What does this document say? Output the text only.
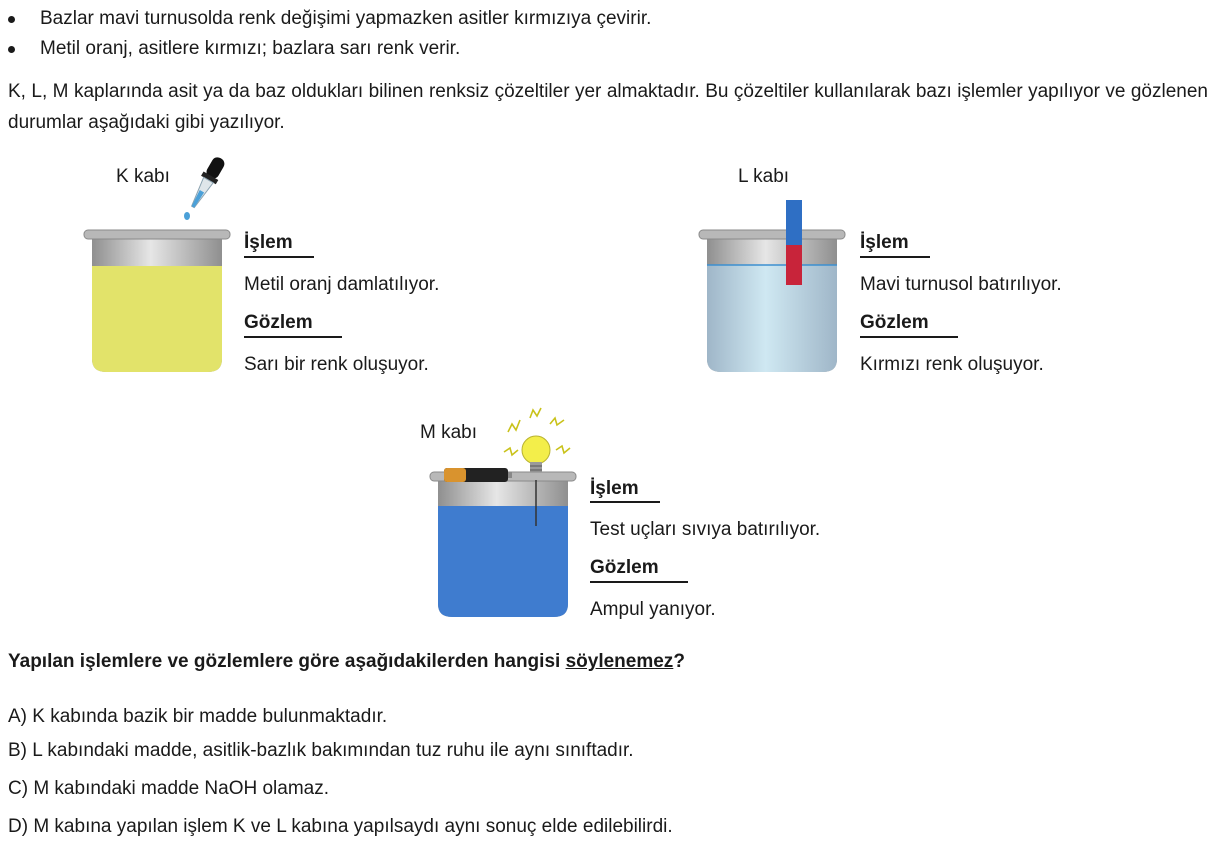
Bazlar mavi turnusolda renk değişimi yapmazken asitler kırmızıya çevirir.
Metil oranj, asitlere kırmızı; bazlara sarı renk verir.
K, L, M kaplarında asit ya da baz oldukları bilinen renksiz çözeltiler yer almaktadır. Bu çözeltiler kullanılarak bazı işlemler yapılıyor ve gözlenen durumlar aşağıdaki gibi yazılıyor.
K kabı
İşlem
Metil oranj damlatılıyor.
Gözlem
Sarı bir renk oluşuyor.
L kabı
İşlem
Mavi turnusol batırılıyor.
Gözlem
Kırmızı renk oluşuyor.
M kabı
İşlem
Test uçları sıvıya batırılıyor.
Gözlem
Ampul yanıyor.
Yapılan işlemlere ve gözlemlere göre aşağıdakilerden hangisi söylenemez?
A) K kabında bazik bir madde bulunmaktadır.
B) L kabındaki madde, asitlik-bazlık bakımından tuz ruhu ile aynı sınıftadır.
C) M kabındaki madde NaOH olamaz.
D) M kabına yapılan işlem K ve L kabına yapılsaydı aynı sonuç elde edilebilirdi.
